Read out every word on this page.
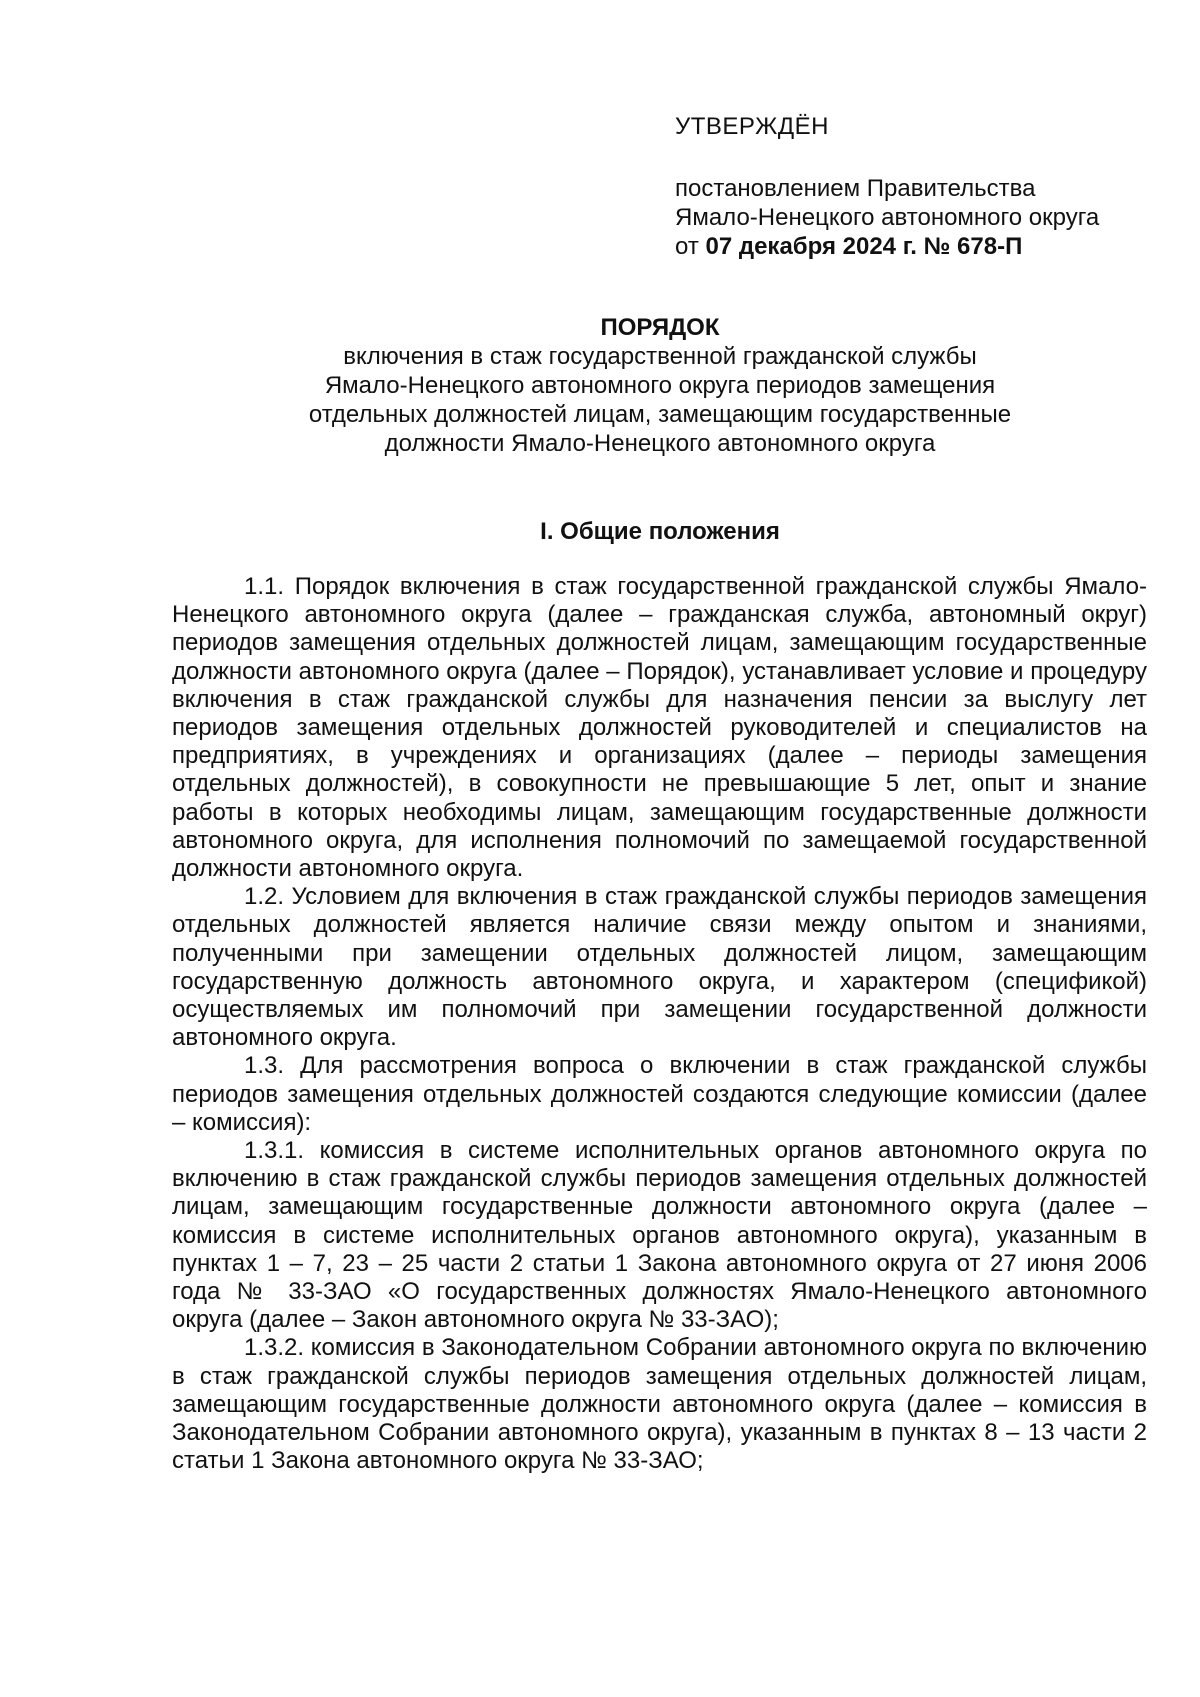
УТВЕРЖДЁН

постановлением Правительства

Ямало-Ненецкого автономного округа

от 07 декабря 2024 г. № 678-П

ПОРЯДОК

включения в стаж государственной гражданской службы

Ямало-Ненецкого автономного округа периодов замещения

отдельных должностей лицам, замещающим государственные

должности Ямало-Ненецкого автономного округа

I. Общие положения

1.1. Порядок включения в стаж государственной гражданской службы Ямало-Ненецкого автономного округа (далее – гражданская служба, автономный округ) периодов замещения отдельных должностей лицам, замещающим государственные должности автономного округа (далее – Порядок), устанавливает условие и процедуру включения в стаж гражданской службы для назначения пенсии за выслугу лет периодов замещения отдельных должностей руководителей и специалистов на предприятиях, в учреждениях и организациях (далее – периоды замещения отдельных должностей), в совокупности не превышающие 5 лет, опыт и знание работы в которых необходимы лицам, замещающим государственные должности автономного округа, для исполнения полномочий по замещаемой государственной должности автономного округа.

1.2. Условием для включения в стаж гражданской службы периодов замещения отдельных должностей является наличие связи между опытом и знаниями, полученными при замещении отдельных должностей лицом, замещающим государственную должность автономного округа, и характером (спецификой) осуществляемых им полномочий при замещении государственной должности автономного округа.

1.3. Для рассмотрения вопроса о включении в стаж гражданской службы периодов замещения отдельных должностей создаются следующие комиссии (далее – комиссия):

1.3.1. комиссия в системе исполнительных органов автономного округа по включению в стаж гражданской службы периодов замещения отдельных должностей лицам, замещающим государственные должности автономного округа (далее – комиссия в системе исполнительных органов автономного округа), указанным в пунктах 1 – 7, 23 – 25 части 2 статьи 1 Закона автономного округа от 27 июня 2006 года № 33-ЗАО «О государственных должностях Ямало-Ненецкого автономного округа (далее – Закон автономного округа № 33-ЗАО);

1.3.2. комиссия в Законодательном Собрании автономного округа по включению в стаж гражданской службы периодов замещения отдельных должностей лицам, замещающим государственные должности автономного округа (далее – комиссия в Законодательном Собрании автономного округа), указанным в пунктах 8 – 13 части 2 статьи 1 Закона автономного округа № 33-ЗАО;
